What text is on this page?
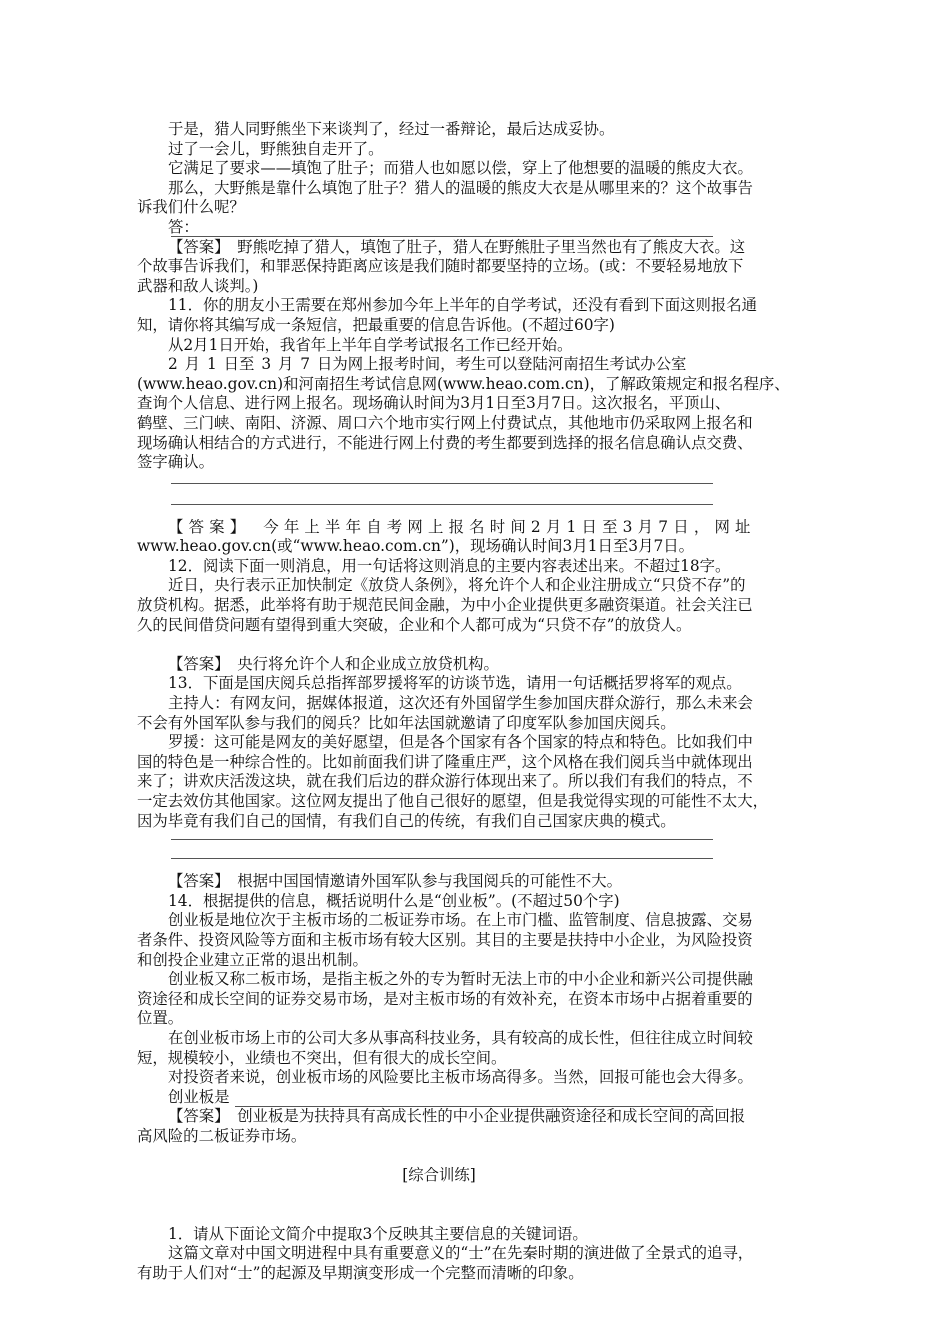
于是，猎人同野熊坐下来谈判了，经过一番辩论，最后达成妥协。

过了一会儿，野熊独自走开了。

它满足了要求——填饱了肚子；而猎人也如愿以偿，穿上了他想要的温暖的熊皮大衣。

那么，大野熊是靠什么填饱了肚子？猎人的温暖的熊皮大衣是从哪里来的？这个故事告

诉我们什么呢？

答：

【答案】　野熊吃掉了猎人，填饱了肚子，猎人在野熊肚子里当然也有了熊皮大衣。这

个故事告诉我们，和罪恶保持距离应该是我们随时都要坚持的立场。(或：不要轻易地放下

武器和敌人谈判。)

11．你的朋友小王需要在郑州参加今年上半年的自学考试，还没有看到下面这则报名通

知，请你将其编写成一条短信，把最重要的信息告诉他。(不超过60字)

从2月1日开始，我省年上半年自学考试报名工作已经开始。

2 月 1 日至 3 月 7 日为网上报考时间，考生可以登陆河南招生考试办公室

(www.heao.gov.cn)和河南招生考试信息网(www.heao.com.cn)，了解政策规定和报名程序、

查询个人信息、进行网上报名。现场确认时间为3月1日至3月7日。这次报名，平顶山、

鹤壁、三门峡、南阳、济源、周口六个地市实行网上付费试点，其他地市仍采取网上报名和

现场确认相结合的方式进行，不能进行网上付费的考生都要到选择的报名信息确认点交费、

签字确认。

【答案】　今年上半年自考网上报名时间2月1日至3月7日，网址

www.heao.gov.cn(或“www.heao.com.cn”)，现场确认时间3月1日至3月7日。

12．阅读下面一则消息，用一句话将这则消息的主要内容表述出来。不超过18字。

近日，央行表示正加快制定《放贷人条例》，将允许个人和企业注册成立“只贷不存”的

放贷机构。据悉，此举将有助于规范民间金融，为中小企业提供更多融资渠道。社会关注已

久的民间借贷问题有望得到重大突破，企业和个人都可成为“只贷不存”的放贷人。

【答案】　央行将允许个人和企业成立放贷机构。

13．下面是国庆阅兵总指挥部罗援将军的访谈节选，请用一句话概括罗将军的观点。

主持人：有网友问，据媒体报道，这次还有外国留学生参加国庆群众游行，那么未来会

不会有外国军队参与我们的阅兵？比如年法国就邀请了印度军队参加国庆阅兵。

罗援：这可能是网友的美好愿望，但是各个国家有各个国家的特点和特色。比如我们中

国的特色是一种综合性的。比如前面我们讲了隆重庄严，这个风格在我们阅兵当中就体现出

来了；讲欢庆活泼这块，就在我们后边的群众游行体现出来了。所以我们有我们的特点，不

一定去效仿其他国家。这位网友提出了他自己很好的愿望，但是我觉得实现的可能性不太大，

因为毕竟有我们自己的国情，有我们自己的传统，有我们自己国家庆典的模式。

【答案】　根据中国国情邀请外国军队参与我国阅兵的可能性不大。

14．根据提供的信息，概括说明什么是“创业板”。(不超过50个字)

创业板是地位次于主板市场的二板证券市场。在上市门槛、监管制度、信息披露、交易

者条件、投资风险等方面和主板市场有较大区别。其目的主要是扶持中小企业，为风险投资

和创投企业建立正常的退出机制。

创业板又称二板市场，是指主板之外的专为暂时无法上市的中小企业和新兴公司提供融

资途径和成长空间的证券交易市场，是对主板市场的有效补充，在资本市场中占据着重要的

位置。

在创业板市场上市的公司大多从事高科技业务，具有较高的成长性，但往往成立时间较

短，规模较小，业绩也不突出，但有很大的成长空间。

对投资者来说，创业板市场的风险要比主板市场高得多。当然，回报可能也会大得多。

创业板是

【答案】　创业板是为扶持具有高成长性的中小企业提供融资途径和成长空间的高回报

高风险的二板证券市场。

[综合训练]

1．请从下面论文简介中提取3个反映其主要信息的关键词语。

这篇文章对中国文明进程中具有重要意义的“士”在先秦时期的演进做了全景式的追寻，

有助于人们对“士”的起源及早期演变形成一个完整而清晰的印象。
